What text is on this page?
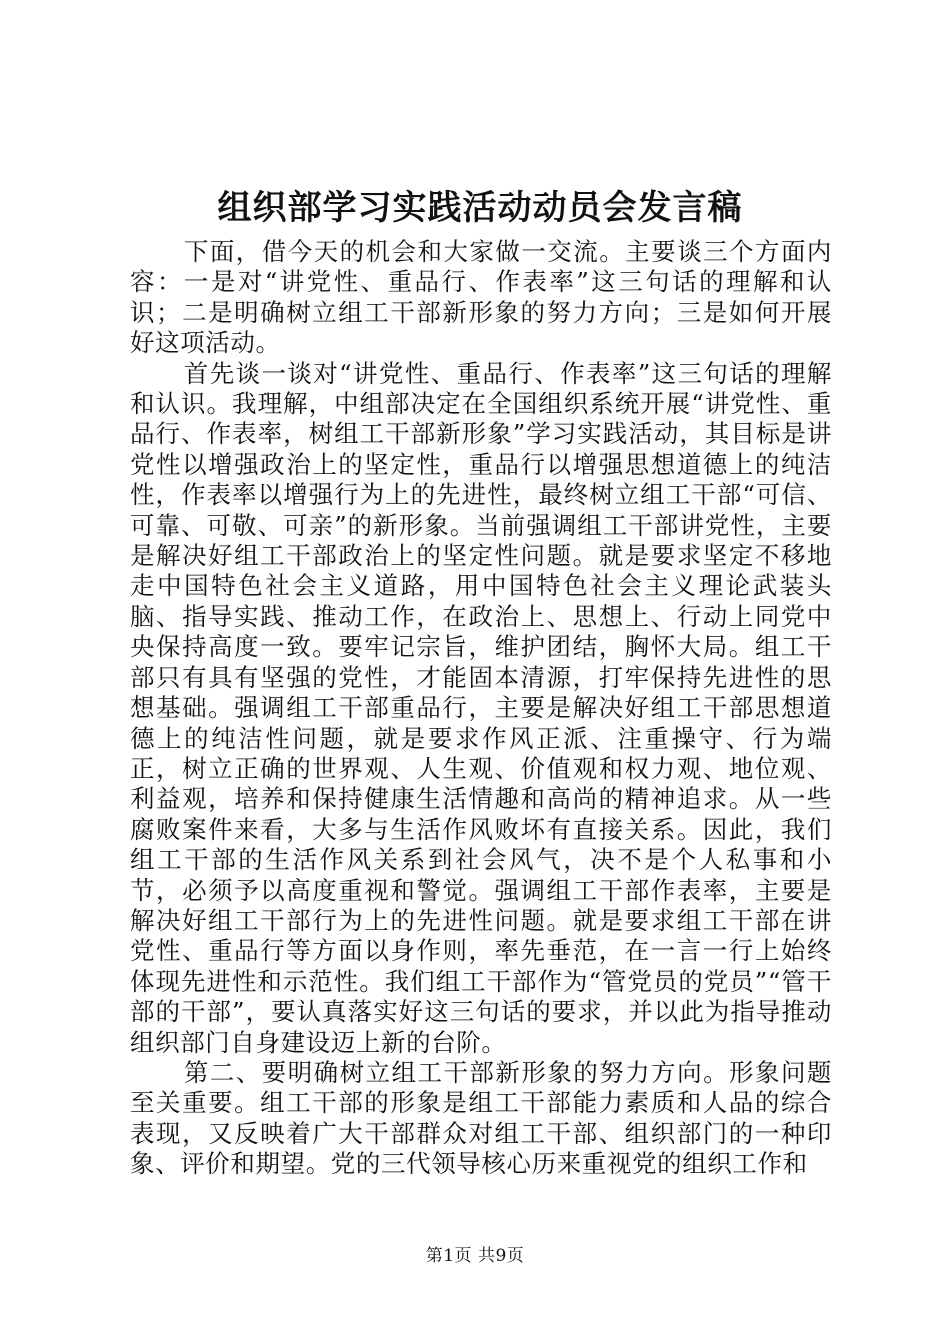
组织部学习实践活动动员会发言稿

下面，借今天的机会和大家做一交流。主要谈三个方面内容：一是对“讲党性、重品行、作表率”这三句话的理解和认识；二是明确树立组工干部新形象的努力方向；三是如何开展好这项活动。

首先谈一谈对“讲党性、重品行、作表率”这三句话的理解和认识。我理解，中组部决定在全国组织系统开展“讲党性、重品行、作表率，树组工干部新形象”学习实践活动，其目标是讲党性以增强政治上的坚定性，重品行以增强思想道德上的纯洁性，作表率以增强行为上的先进性，最终树立组工干部“可信、可靠、可敬、可亲”的新形象。当前强调组工干部讲党性，主要是解决好组工干部政治上的坚定性问题。就是要求坚定不移地走中国特色社会主义道路，用中国特色社会主义理论武装头脑、指导实践、推动工作，在政治上、思想上、行动上同党中央保持高度一致。要牢记宗旨，维护团结，胸怀大局。组工干部只有具有坚强的党性，才能固本清源，打牢保持先进性的思想基础。强调组工干部重品行，主要是解决好组工干部思想道德上的纯洁性问题，就是要求作风正派、注重操守、行为端正，树立正确的世界观、人生观、价值观和权力观、地位观、利益观，培养和保持健康生活情趣和高尚的精神追求。从一些腐败案件来看，大多与生活作风败坏有直接关系。因此，我们组工干部的生活作风关系到社会风气，决不是个人私事和小节，必须予以高度重视和警觉。强调组工干部作表率，主要是解决好组工干部行为上的先进性问题。就是要求组工干部在讲党性、重品行等方面以身作则，率先垂范，在一言一行上始终体现先进性和示范性。我们组工干部作为“管党员的党员”“管干部的干部”，要认真落实好这三句话的要求，并以此为指导推动组织部门自身建设迈上新的台阶。

第二、要明确树立组工干部新形象的努力方向。形象问题至关重要。组工干部的形象是组工干部能力素质和人品的综合表现，又反映着广大干部群众对组工干部、组织部门的一种印象、评价和期望。党的三代领导核心历来重视党的组织工作和

第1页 共9页
